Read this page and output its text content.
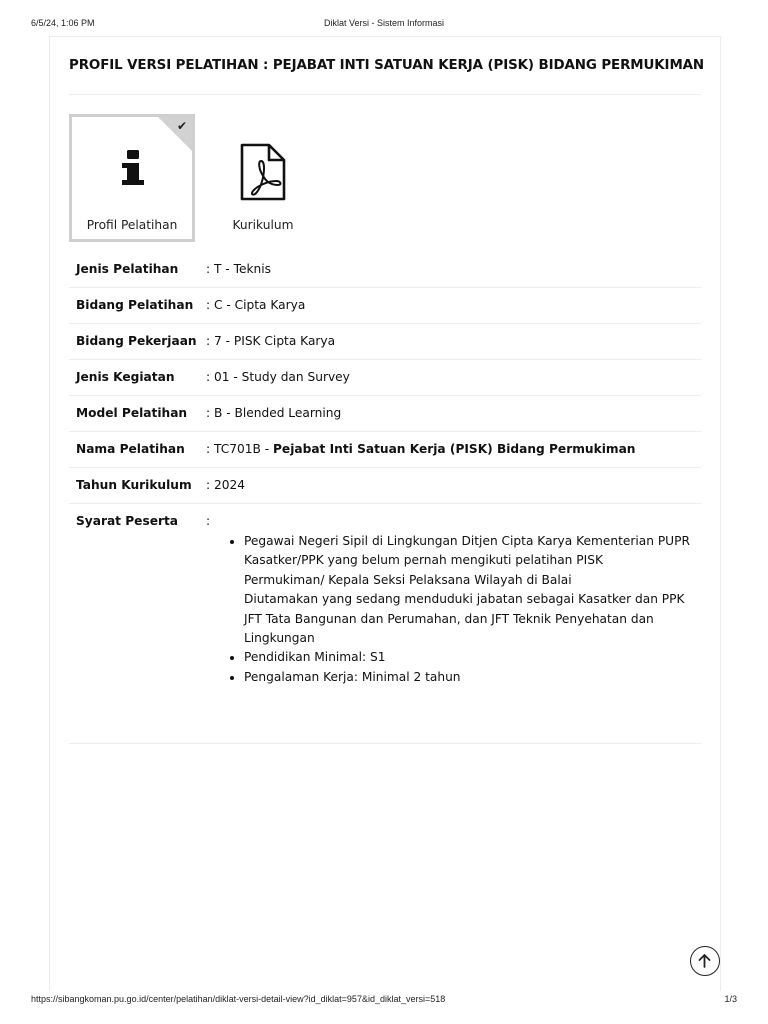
6/5/24, 1:06 PM	Diklat Versi - Sistem Informasi
PROFIL VERSI PELATIHAN : PEJABAT INTI SATUAN KERJA (PISK) BIDANG PERMUKIMAN
✔
Profil Pelatihan	Kurikulum
Jenis Pelatihan : T - Teknis
Bidang Pelatihan : C - Cipta Karya
Bidang Pekerjaan : 7 - PISK Cipta Karya
Jenis Kegiatan	: 01 - Study dan Survey
Model Pelatihan : B - Blended Learning
Nama Pelatihan : TC701B - Pejabat Inti Satuan Kerja (PISK) Bidang Permukiman
Tahun Kurikulum : 2024
Syarat Peserta :
• Pegawai Negeri Sipil di Lingkungan Ditjen Cipta Karya Kementerian PUPR
Kasatker/PPK yang belum pernah mengikuti pelatihan PISK
Permukiman/ Kepala Seksi Pelaksana Wilayah di Balai
Diutamakan yang sedang menduduki jabatan sebagai Kasatker dan PPK
JFT Tata Bangunan dan Perumahan, dan JFT Teknik Penyehatan dan
Lingkungan
• Pendidikan Minimal: S1
• Pengalaman Kerja: Minimal 2 tahun
https://sibangkoman.pu.go.id/center/pelatihan/diklat-versi-detail-view?id_diklat=957&id_diklat_versi=518	1/3
